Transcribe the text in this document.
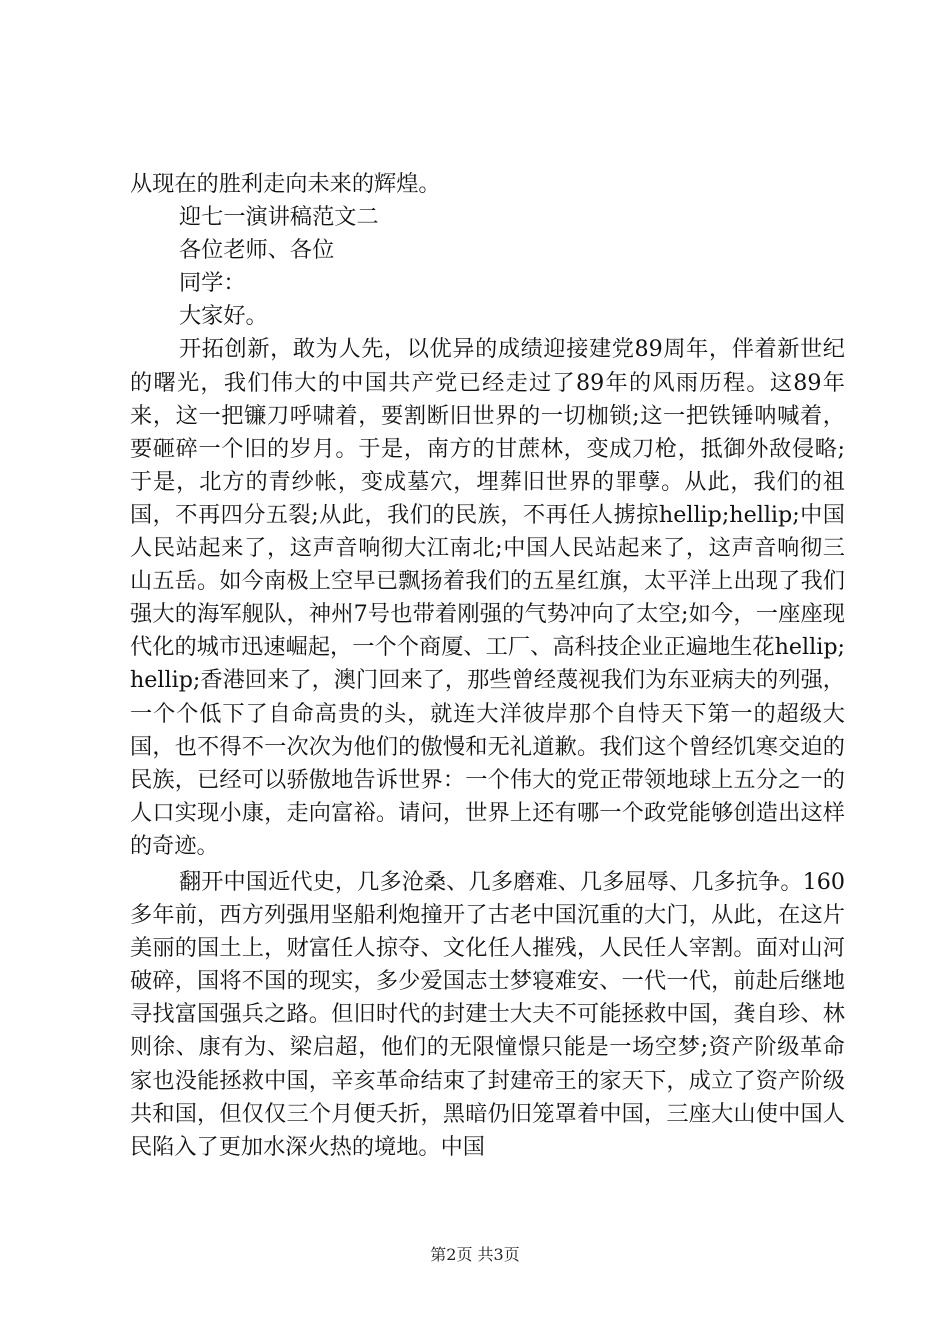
从现在的胜利走向未来的辉煌。

迎七一演讲稿范文二

各位老师、各位

同学：

大家好。

开拓创新，敢为人先，以优异的成绩迎接建党89周年，伴着新世纪的曙光，我们伟大的中国共产党已经走过了89年的风雨历程。这89年来，这一把镰刀呼啸着，要割断旧世界的一切枷锁;这一把铁锤呐喊着，要砸碎一个旧的岁月。于是，南方的甘蔗林，变成刀枪，抵御外敌侵略;于是，北方的青纱帐，变成墓穴，埋葬旧世界的罪孽。从此，我们的祖国，不再四分五裂;从此，我们的民族，不再任人掳掠hellip;hellip;中国人民站起来了，这声音响彻大江南北;中国人民站起来了，这声音响彻三山五岳。如今南极上空早已飘扬着我们的五星红旗，太平洋上出现了我们强大的海军舰队，神州7号也带着刚强的气势冲向了太空;如今，一座座现代化的城市迅速崛起，一个个商厦、工厂、高科技企业正遍地生花hellip;hellip;香港回来了，澳门回来了，那些曾经蔑视我们为东亚病夫的列强，一个个低下了自命高贵的头，就连大洋彼岸那个自恃天下第一的超级大国，也不得不一次次为他们的傲慢和无礼道歉。我们这个曾经饥寒交迫的民族，已经可以骄傲地告诉世界：一个伟大的党正带领地球上五分之一的人口实现小康，走向富裕。请问，世界上还有哪一个政党能够创造出这样的奇迹。

翻开中国近代史，几多沧桑、几多磨难、几多屈辱、几多抗争。160多年前，西方列强用坚船利炮撞开了古老中国沉重的大门，从此，在这片美丽的国土上，财富任人掠夺、文化任人摧残，人民任人宰割。面对山河破碎，国将不国的现实，多少爱国志士梦寝难安、一代一代，前赴后继地寻找富国强兵之路。但旧时代的封建士大夫不可能拯救中国，龚自珍、林则徐、康有为、梁启超，他们的无限憧憬只能是一场空梦;资产阶级革命家也没能拯救中国，辛亥革命结束了封建帝王的家天下，成立了资产阶级共和国，但仅仅三个月便夭折，黑暗仍旧笼罩着中国，三座大山使中国人民陷入了更加水深火热的境地。中国

第2页 共3页
